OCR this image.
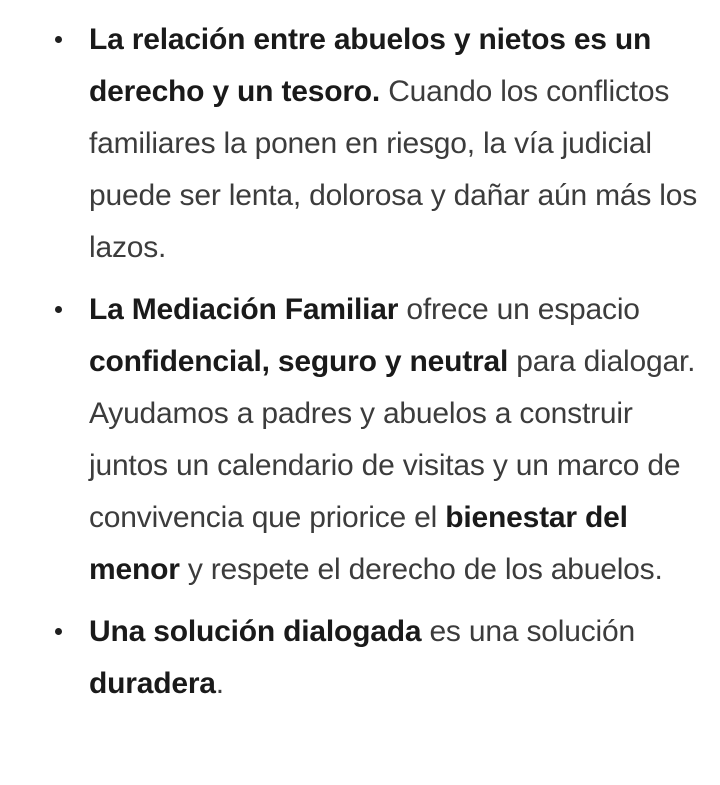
La relación entre abuelos y nietos es un derecho y un tesoro. Cuando los conflictos familiares la ponen en riesgo, la vía judicial puede ser lenta, dolorosa y dañar aún más los lazos.
La Mediación Familiar ofrece un espacio confidencial, seguro y neutral para dialogar. Ayudamos a padres y abuelos a construir juntos un calendario de visitas y un marco de convivencia que priorice el bienestar del menor y respete el derecho de los abuelos.
Una solución dialogada es una solución duradera.
